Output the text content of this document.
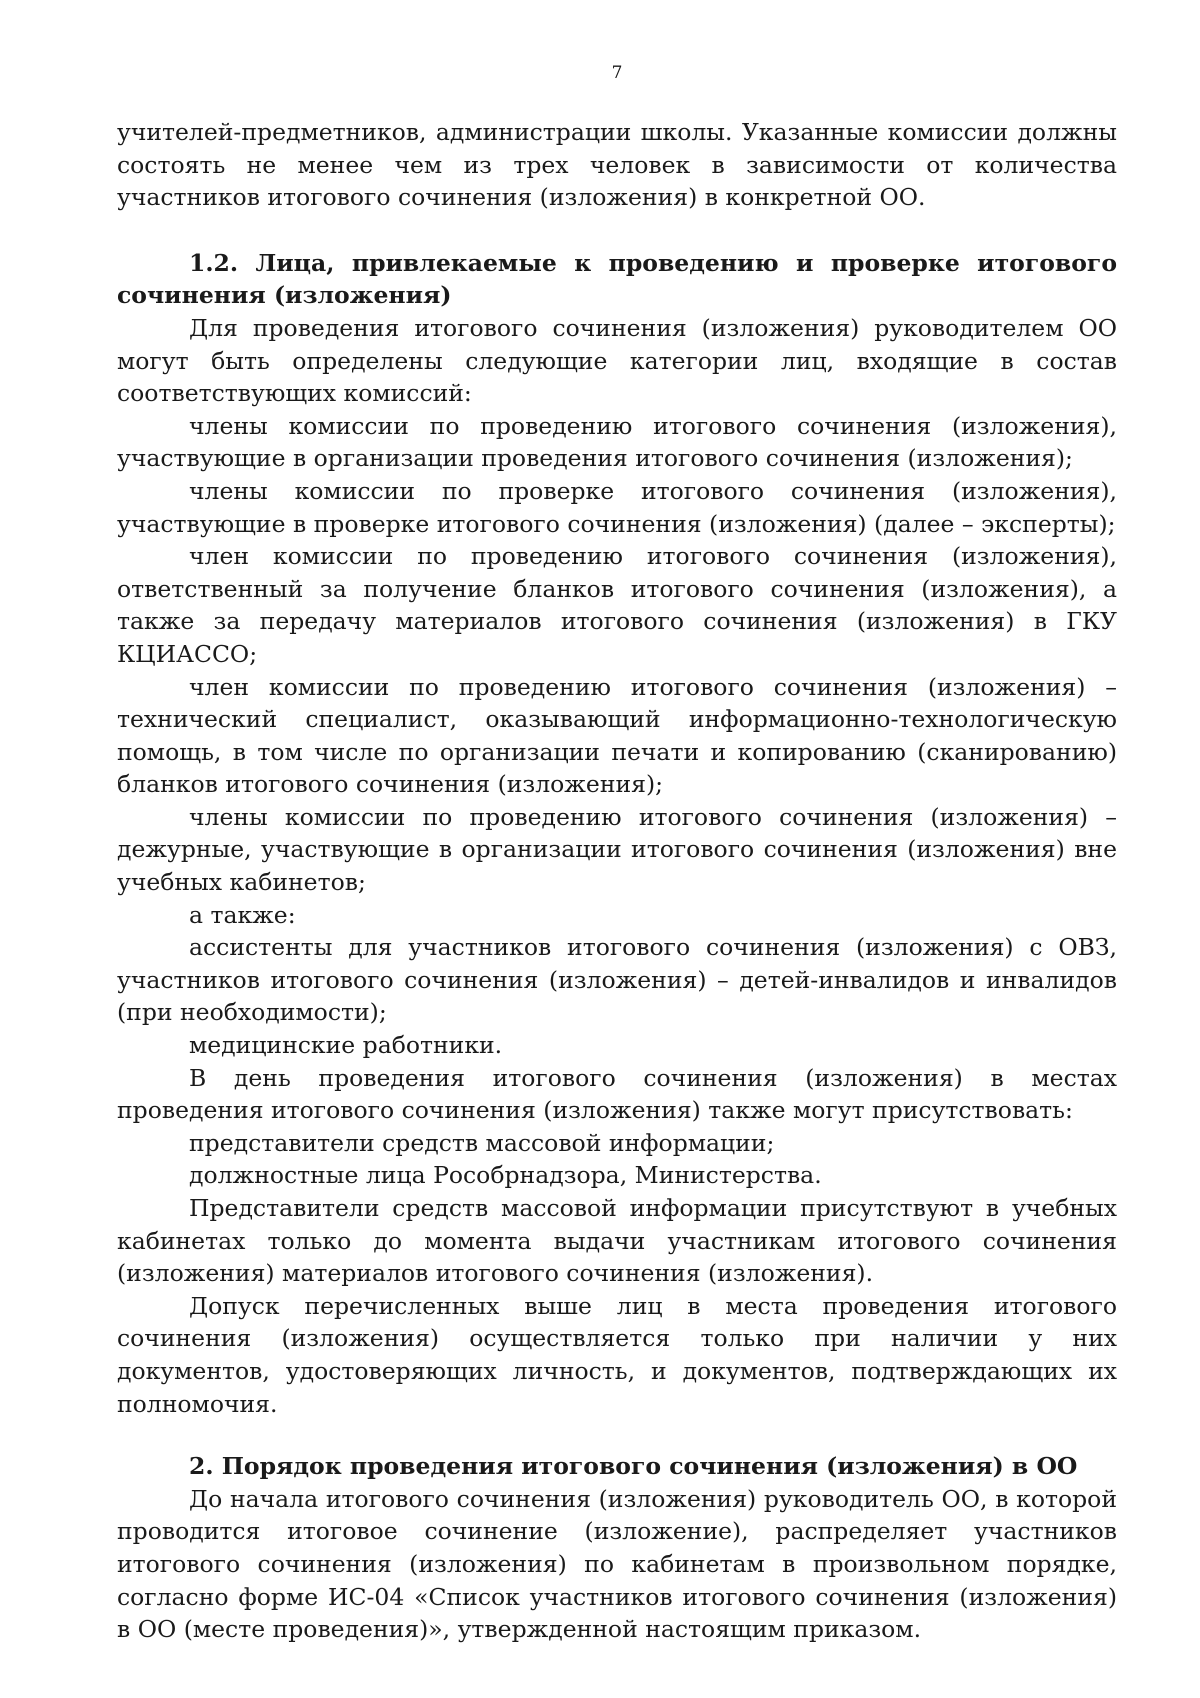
7

учителей-предметников, администрации школы. Указанные комиссии должны состоять не менее чем из трех человек в зависимости от количества участников итогового сочинения (изложения) в конкретной ОО.

1.2. Лица, привлекаемые к проведению и проверке итогового сочинения (изложения)

Для проведения итогового сочинения (изложения) руководителем ОО могут быть определены следующие категории лиц, входящие в состав соответствующих комиссий:

члены комиссии по проведению итогового сочинения (изложения), участвующие в организации проведения итогового сочинения (изложения);

члены комиссии по проверке итогового сочинения (изложения), участвующие в проверке итогового сочинения (изложения) (далее – эксперты);

член комиссии по проведению итогового сочинения (изложения), ответственный за получение бланков итогового сочинения (изложения), а также за передачу материалов итогового сочинения (изложения) в ГКУ КЦИАССО;

член комиссии по проведению итогового сочинения (изложения) – технический специалист, оказывающий информационно-технологическую помощь, в том числе по организации печати и копированию (сканированию) бланков итогового сочинения (изложения);

члены комиссии по проведению итогового сочинения (изложения) – дежурные, участвующие в организации итогового сочинения (изложения) вне учебных кабинетов;

а также:

ассистенты для участников итогового сочинения (изложения) с ОВЗ, участников итогового сочинения (изложения) – детей-инвалидов и инвалидов (при необходимости);

медицинские работники.

В день проведения итогового сочинения (изложения) в местах проведения итогового сочинения (изложения) также могут присутствовать:

представители средств массовой информации;

должностные лица Рособрнадзора, Министерства.

Представители средств массовой информации присутствуют в учебных кабинетах только до момента выдачи участникам итогового сочинения (изложения) материалов итогового сочинения (изложения).

Допуск перечисленных выше лиц в места проведения итогового сочинения (изложения) осуществляется только при наличии у них документов, удостоверяющих личность, и документов, подтверждающих их полномочия.

2. Порядок проведения итогового сочинения (изложения) в ОО

До начала итогового сочинения (изложения) руководитель ОО, в которой проводится итоговое сочинение (изложение), распределяет участников итогового сочинения (изложения) по кабинетам в произвольном порядке, согласно форме ИС-04 «Список участников итогового сочинения (изложения) в ОО (месте проведения)», утвержденной настоящим приказом.
